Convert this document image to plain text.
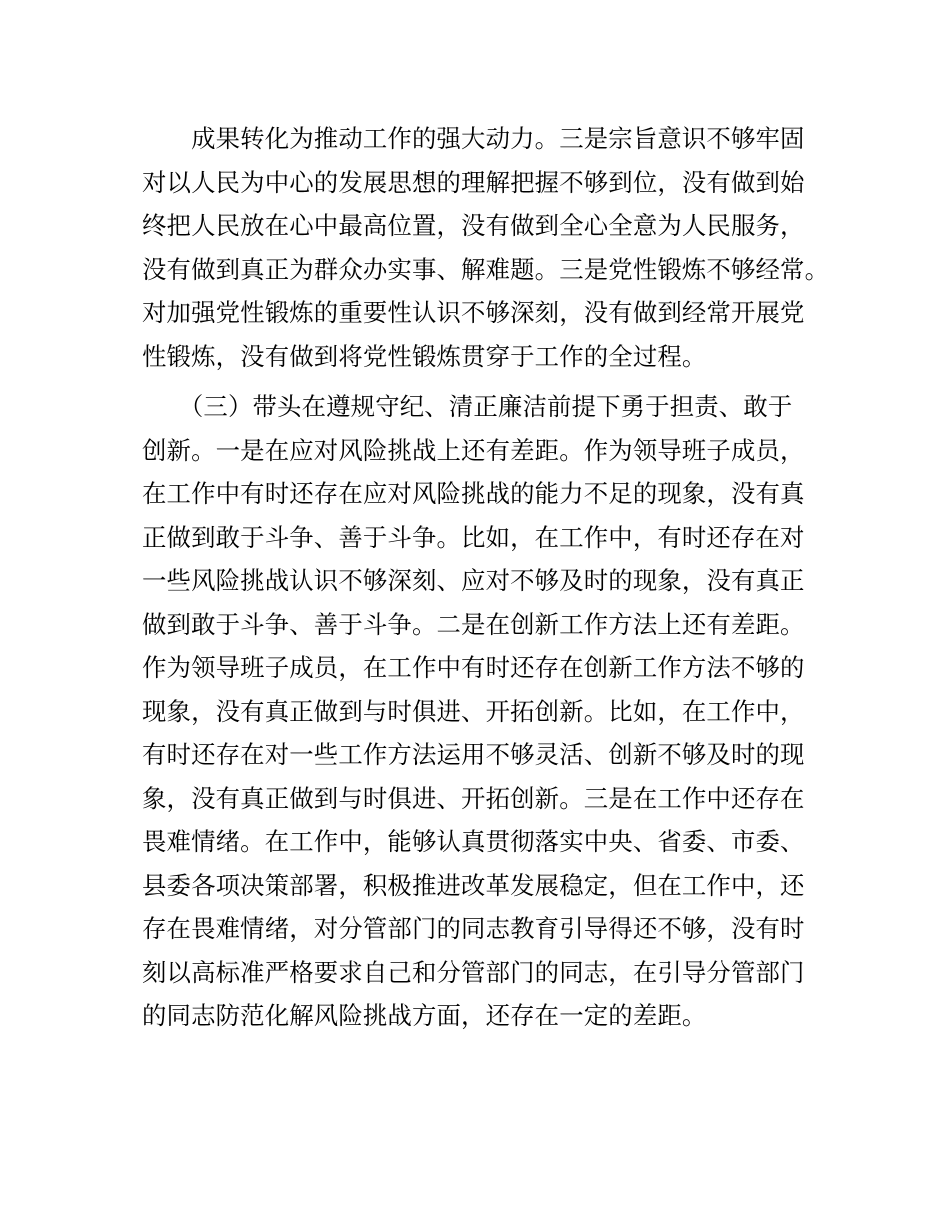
　　成果转化为推动工作的强大动力。三是宗旨意识不够牢固
对以人民为中心的发展思想的理解把握不够到位，没有做到始
终把人民放在心中最高位置，没有做到全心全意为人民服务，
没有做到真正为群众办实事、解难题。三是党性锻炼不够经常。
对加强党性锻炼的重要性认识不够深刻，没有做到经常开展党
性锻炼，没有做到将党性锻炼贯穿于工作的全过程。
　　（三）带头在遵规守纪、清正廉洁前提下勇于担责、敢于
创新。一是在应对风险挑战上还有差距。作为领导班子成员，
在工作中有时还存在应对风险挑战的能力不足的现象，没有真
正做到敢于斗争、善于斗争。比如，在工作中，有时还存在对
一些风险挑战认识不够深刻、应对不够及时的现象，没有真正
做到敢于斗争、善于斗争。二是在创新工作方法上还有差距。
作为领导班子成员，在工作中有时还存在创新工作方法不够的
现象，没有真正做到与时俱进、开拓创新。比如，在工作中，
有时还存在对一些工作方法运用不够灵活、创新不够及时的现
象，没有真正做到与时俱进、开拓创新。三是在工作中还存在
畏难情绪。在工作中，能够认真贯彻落实中央、省委、市委、
县委各项决策部署，积极推进改革发展稳定，但在工作中，还
存在畏难情绪，对分管部门的同志教育引导得还不够，没有时
刻以高标准严格要求自己和分管部门的同志，在引导分管部门
的同志防范化解风险挑战方面，还存在一定的差距。
